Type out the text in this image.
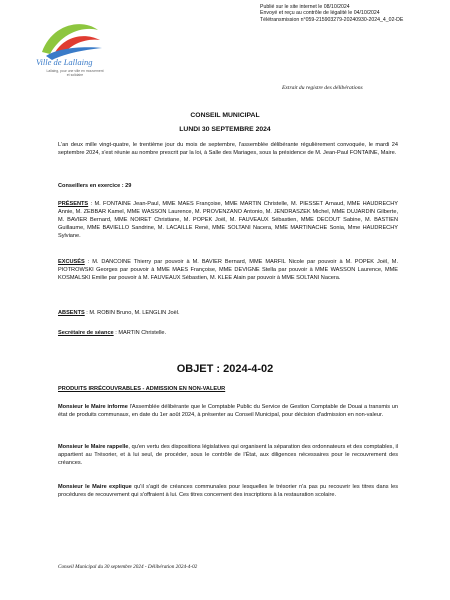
Publié sur le site internet le 08/10/2024
Envoyé et reçu au contrôle de légalité le 04/10/2024
Télétransmission n°059-215903279-20240930-2024_4_02-DE
Ville de Lallaing
Lallaing, pour une ville en mouvement et solidaire
Extrait du registre des délibérations
CONSEIL MUNICIPAL
LUNDI 30 SEPTEMBRE 2024
L'an deux mille vingt-quatre, le trentième jour du mois de septembre, l'assemblée délibérante régulièrement convoquée, le mardi 24 septembre 2024, s'est réunie au nombre prescrit par la loi, à Salle des Mariages, sous la présidence de M. Jean-Paul FONTAINE, Maire.
Conseillers en exercice : 29
PRÉSENTS : M. FONTAINE Jean-Paul, MME MAES Françoise, MME MARTIN Christelle, M. PIESSET Arnaud, MME HAUDRECHY Annie, M. ZEBBAR Kamel, MME WASSON Laurence, M. PROVENZANO Antonio, M. JENDRASZEK Michel, MME DUJARDIN Gilberte, M. BAVIER Bernard, MME NOIRET Christiane, M. POPEK Joël, M. FAUVEAUX Sébastien, MME DECOUT Sabine, M. BASTIEN Guillaume, MME BAVIELLO Sandrine, M. LACAILLE René, MME SOLTANI Nacera, MME MARTINACHE Sonia, Mme HAUDRECHY Sylviane.
EXCUSÉS : M. DANCOINE Thierry par pouvoir à M. BAVIER Bernard, MME MARFIL Nicole par pouvoir à M. POPEK Joël, M. PIOTROWSKI Georges par pouvoir à MME MAES Françoise, MME DEVIGNE Stella par pouvoir à MME WASSON Laurence, MME KOSMALSKI Emilie par pouvoir à M. FAUVEAUX Sébastien, M. KLEE Alain par pouvoir à MME SOLTANI Nacera.
ABSENTS : M. ROBIN Bruno, M. LENGLIN Joël.
Secrétaire de séance : MARTIN Christelle.
OBJET : 2024-4-02
PRODUITS IRRÉCOUVRABLES - ADMISSION EN NON-VALEUR
Monsieur le Maire informe l'Assemblée délibérante que le Comptable Public du Service de Gestion Comptable de Douai a transmis un état de produits communaux, en date du 1er août 2024, à présenter au Conseil Municipal, pour décision d'admission en non-valeur.
Monsieur le Maire rappelle, qu'en vertu des dispositions législatives qui organisent la séparation des ordonnateurs et des comptables, il appartient au Trésorier, et à lui seul, de procéder, sous le contrôle de l'État, aux diligences nécessaires pour le recouvrement des créances.
Monsieur le Maire explique qu'il s'agit de créances communales pour lesquelles le trésorier n'a pas pu recouvrir les titres dans les procédures de recouvrement qui s'offraient à lui. Ces titres concernent des inscriptions à la restauration scolaire.
Conseil Municipal du 30 septembre 2024 - Délibération 2024-4-02
